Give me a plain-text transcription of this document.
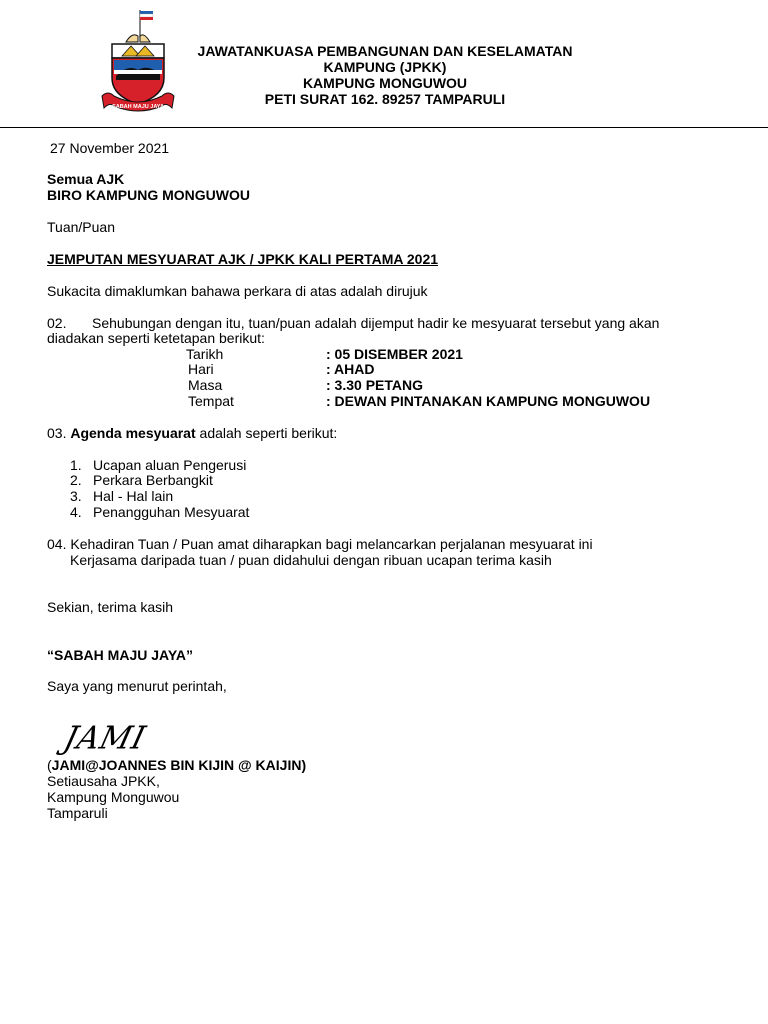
SABAH MAJU JAYA
JAWATANKUASA PEMBANGUNAN DAN KESELAMATAN
KAMPUNG (JPKK)
KAMPUNG MONGUWOU
PETI SURAT 162. 89257 TAMPARULI
27 November 2021
Semua AJK
BIRO KAMPUNG MONGUWOU
Tuan/Puan
JEMPUTAN MESYUARAT AJK / JPKK KALI PERTAMA 2021
Sukacita dimaklumkan bahawa perkara di atas adalah dirujuk
02. Sehubungan dengan itu, tuan/puan adalah dijemput hadir ke mesyuarat tersebut yang akan
diadakan seperti ketetapan berikut:
Tarikh	: 05 DISEMBER 2021
Hari	: AHAD
Masa	: 3.30 PETANG
Tempat	: DEWAN PINTANAKAN KAMPUNG MONGUWOU
03. Agenda mesyuarat adalah seperti berikut:
1. Ucapan aluan Pengerusi
2. Perkara Berbangkit
3. Hal - Hal lain
4. Penangguhan Mesyuarat
04. Kehadiran Tuan / Puan amat diharapkan bagi melancarkan perjalanan mesyuarat ini
Kerjasama daripada tuan / puan didahului dengan ribuan ucapan terima kasih
Sekian, terima kasih
“SABAH MAJU JAYA”
Saya yang menurut perintah,
JAMI
(JAMI@JOANNES BIN KIJIN @ KAIJIN)
Setiausaha JPKK,
Kampung Monguwou
Tamparuli
